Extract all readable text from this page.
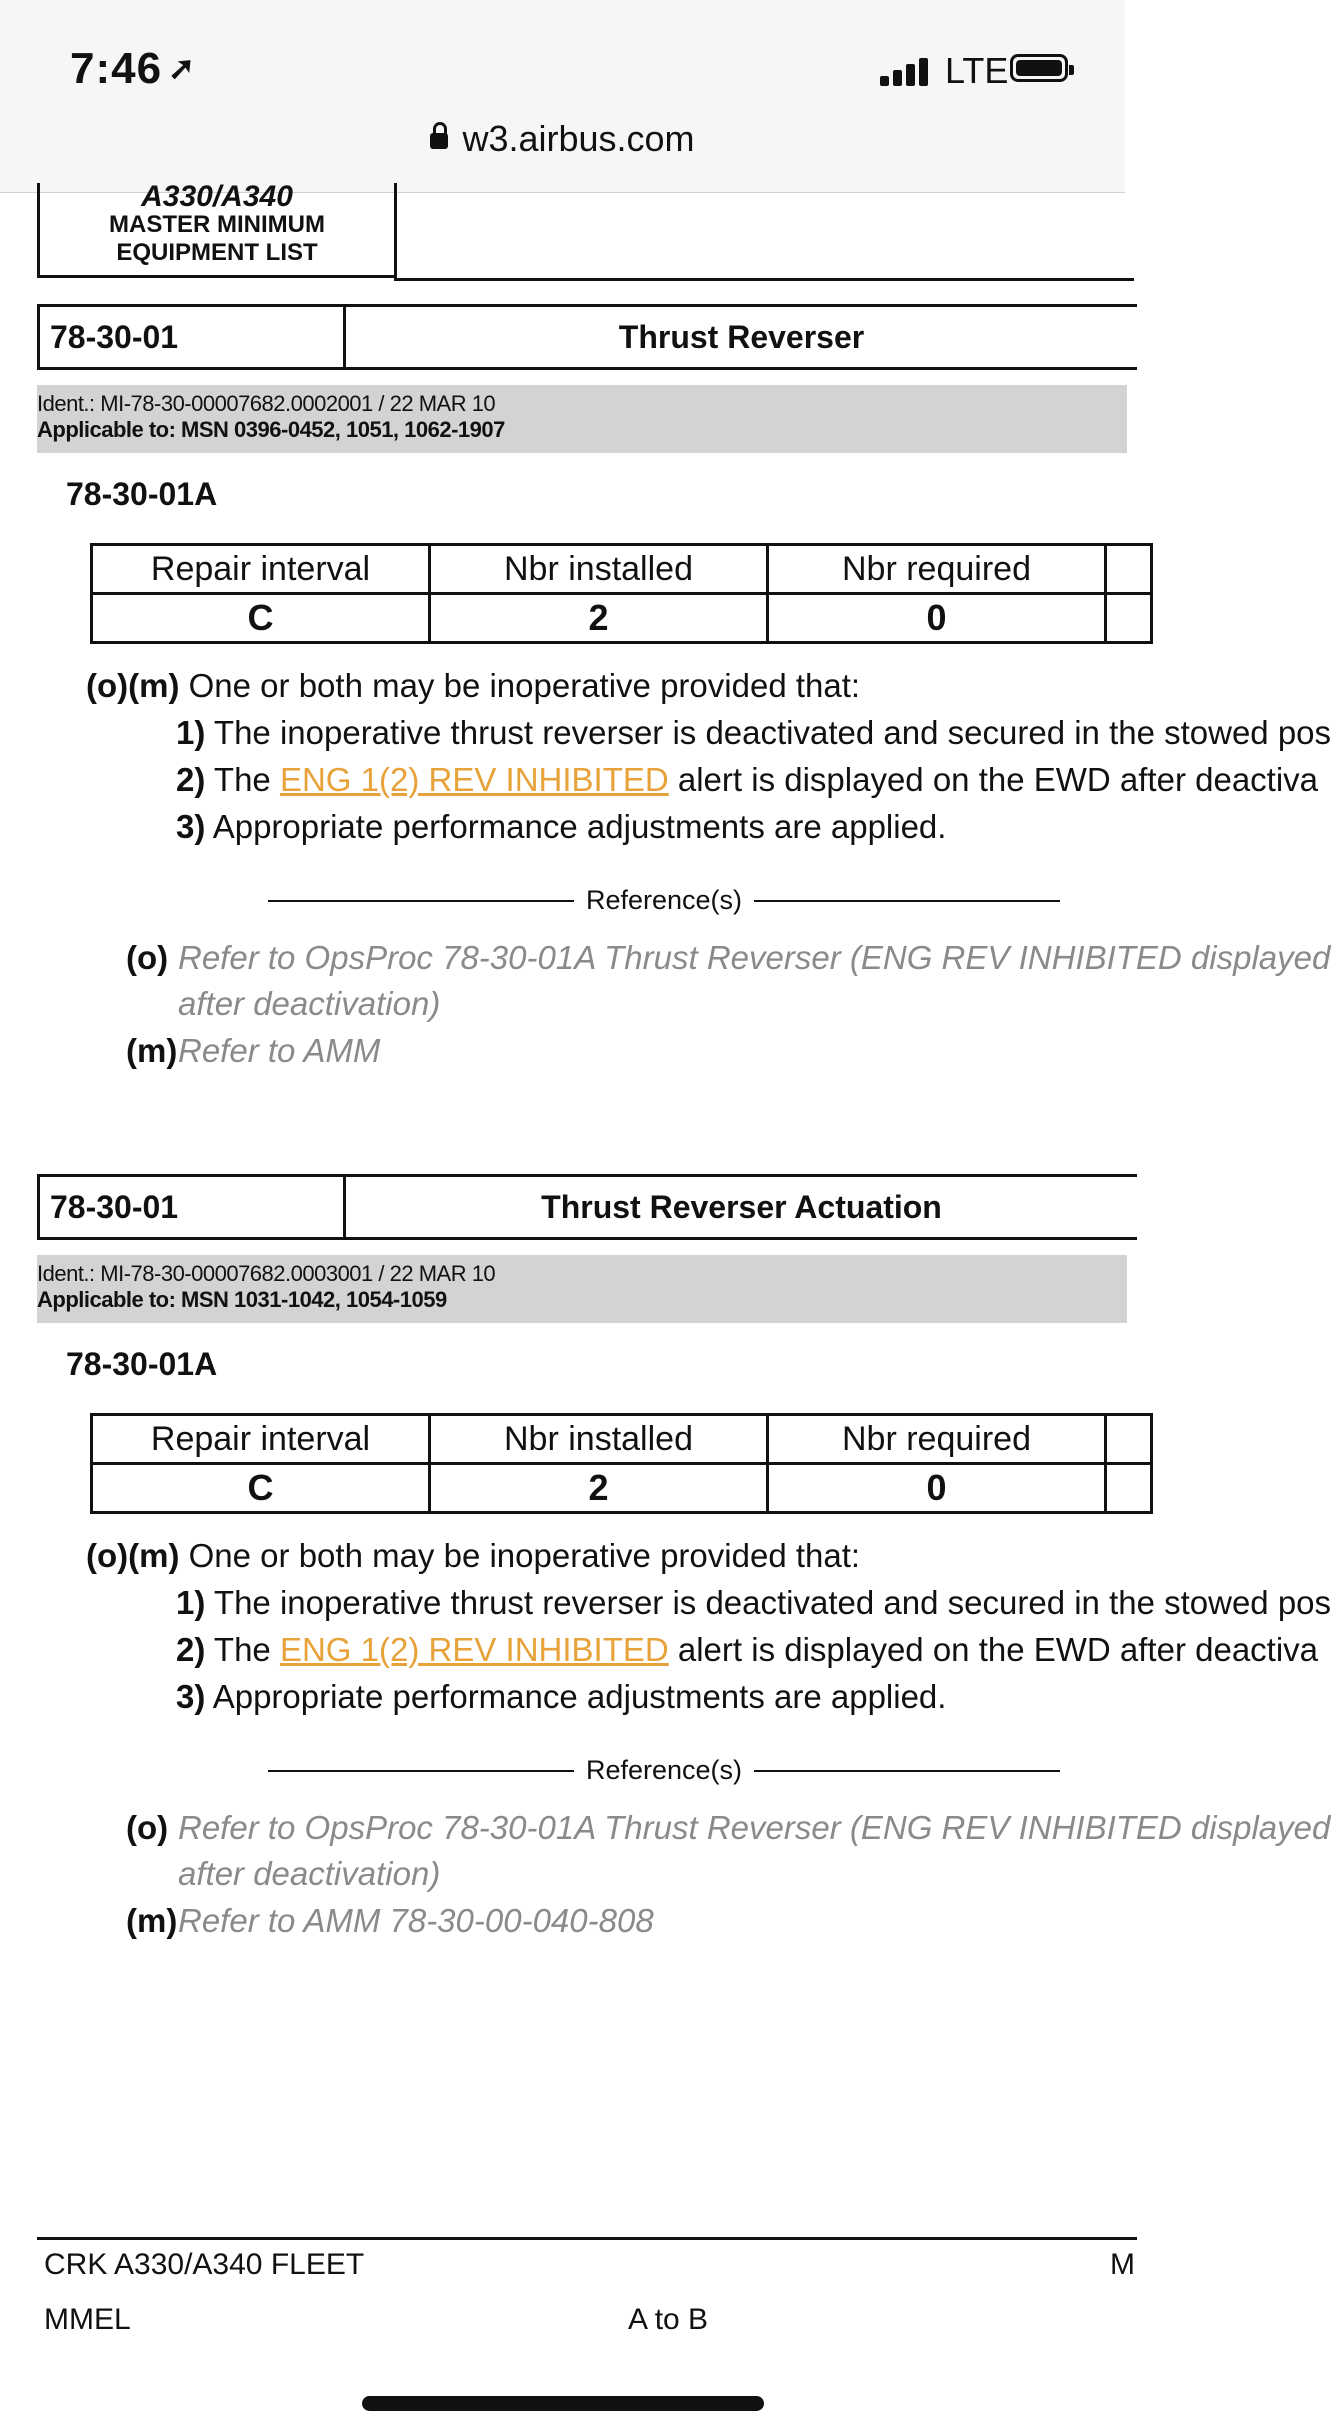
7:46 ➚	LTE
w3.airbus.com
A330/A340
MASTER MINIMUM
EQUIPMENT LIST
78-30-01	Thrust Reverser
Ident.: MI-78-30-00007682.0002001 / 22 MAR 10
Applicable to: MSN 0396-0452, 1051, 1062-1907
78-30-01A
Repair interval	Nbr installed	Nbr required	
C	2	0	
(o)(m) One or both may be inoperative provided that:
1) The inoperative thrust reverser is deactivated and secured in the stowed pos
2) The ENG 1(2) REV INHIBITED alert is displayed on the EWD after deactiva
3) Appropriate performance adjustments are applied.
Reference(s)
(o) Refer to OpsProc 78-30-01A Thrust Reverser (ENG REV INHIBITED displayed
after deactivation)
(m) Refer to AMM
78-30-01	Thrust Reverser Actuation
Ident.: MI-78-30-00007682.0003001 / 22 MAR 10
Applicable to: MSN 1031-1042, 1054-1059
78-30-01A
Repair interval	Nbr installed	Nbr required	
C	2	0	
(o)(m) One or both may be inoperative provided that:
1) The inoperative thrust reverser is deactivated and secured in the stowed pos
2) The ENG 1(2) REV INHIBITED alert is displayed on the EWD after deactiva
3) Appropriate performance adjustments are applied.
Reference(s)
(o) Refer to OpsProc 78-30-01A Thrust Reverser (ENG REV INHIBITED displayed
after deactivation)
(m) Refer to AMM 78-30-00-040-808
CRK A330/A340 FLEET
MMEL	A to B
M
